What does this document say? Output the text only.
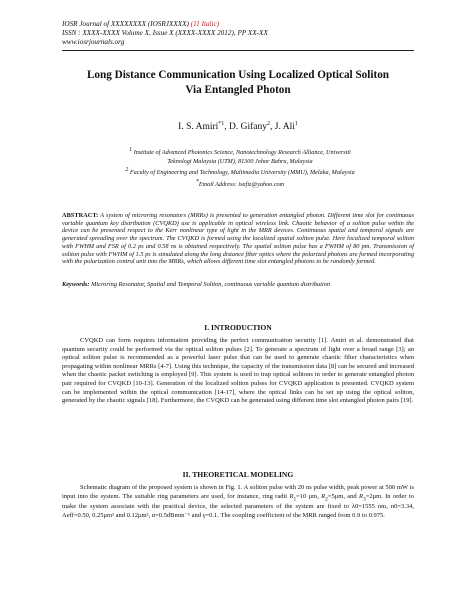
IOSR Journal of XXXXXXXX (IOSRJXXXX) (11 Italic)
ISSN : XXXX-XXXX Volume X, Issue X (XXXX-XXXX 2012), PP XX-XX
www.iosrjournals.org
Long Distance Communication Using Localized Optical Soliton
Via Entangled Photon
I. S. Amiri$^{*1}$, D. Gifany$^2$, J. Ali$^1$
$^1$ Institute of Advanced Photonics Science, Nanotechnology Research Alliance, Universiti
Teknologi Malaysia (UTM), 81300 Johor Bahru, Malaysia
$^2$ Faculty of Engineering and Technology, Multimedia University (MMU), Melaka, Malaysia
*Email Address: isafiz@yahoo.com
ABSTRACT: A system of microring resonators (MRRs) is presented to generation entangled photon. Different time slot for continuous variable quantum key distribution (CVQKD) use is applicable in optical wireless link. Chaotic behavior of a soliton pulse within the device can be presented respect to the Kerr nonlinear type of light in the MRR devices. Continuous spatial and temporal signals are generated spreading over the spectrum. The CVQKD is formed using the localized spatial soliton pulse. Here localized temporal soliton with FWHM and FSR of 0.2 ps and 0.58 ns is obtained respectively. The spatial soliton pulse has a FWHM of 80 pm. Transmission of soliton pulse with FWHM of 1.5 ps is simulated along the long distance fiber optics where the polarized photons are formed incorporating with the polarization control unit into the MRRs, which allows different time slot entangled photons to be randomly formed.
Keywords: Microring Resonator, Spatial and Temporal Soliton, continuous variable quantum distribution
I. INTRODUCTION

CVQKD can form requires information providing the perfect communication security [1]. Amiri et al. demonstrated that quantum security could be performed via the optical soliton pulses [2]. To generate a spectrum of light over a broad range [3]; an optical soliton pulse is recommended as a powerful laser pulse that can be used to generate chaotic filter characteristics when propagating within nonlinear MRRs [4-7]. Using this technique, the capacity of the transmission data [8] can be secured and increased when the chaotic packet switching is employed [9]. This system is used to trap optical solitons in order to generate entangled photon pair required for CVQKD [10-13]. Generation of the localized soliton pulses for CVQKD application is presented. CVQKD system can be implemented within the optical communication [14-17], where the optical links can be set up using the optical soliton, generated by the chaotic signals [18]. Furthermore, the CVQKD can be generated using different time slot entangled photon pairs [19].

II. THEORETICAL MODELING

Schematic diagram of the proposed system is shown in Fig. 1. A soliton pulse with 20 ns pulse width, peak power at 500 mW is input into the system. The suitable ring parameters are used, for instance, ring radii $R_1=10$ μm, $R_2=5\mu m$, and $R_3=2\mu m$. In order to make the system associate with the practical device, the selected parameters of the system are fixed to λ0=1555 nm, n0=3.34, Aeff=0.50, 0.25μm² and 0.12μm², α=0.5dBmm⁻¹ and γ=0.1. The coupling coefficient of the MRR ranged from 0.9 to 0.975.
